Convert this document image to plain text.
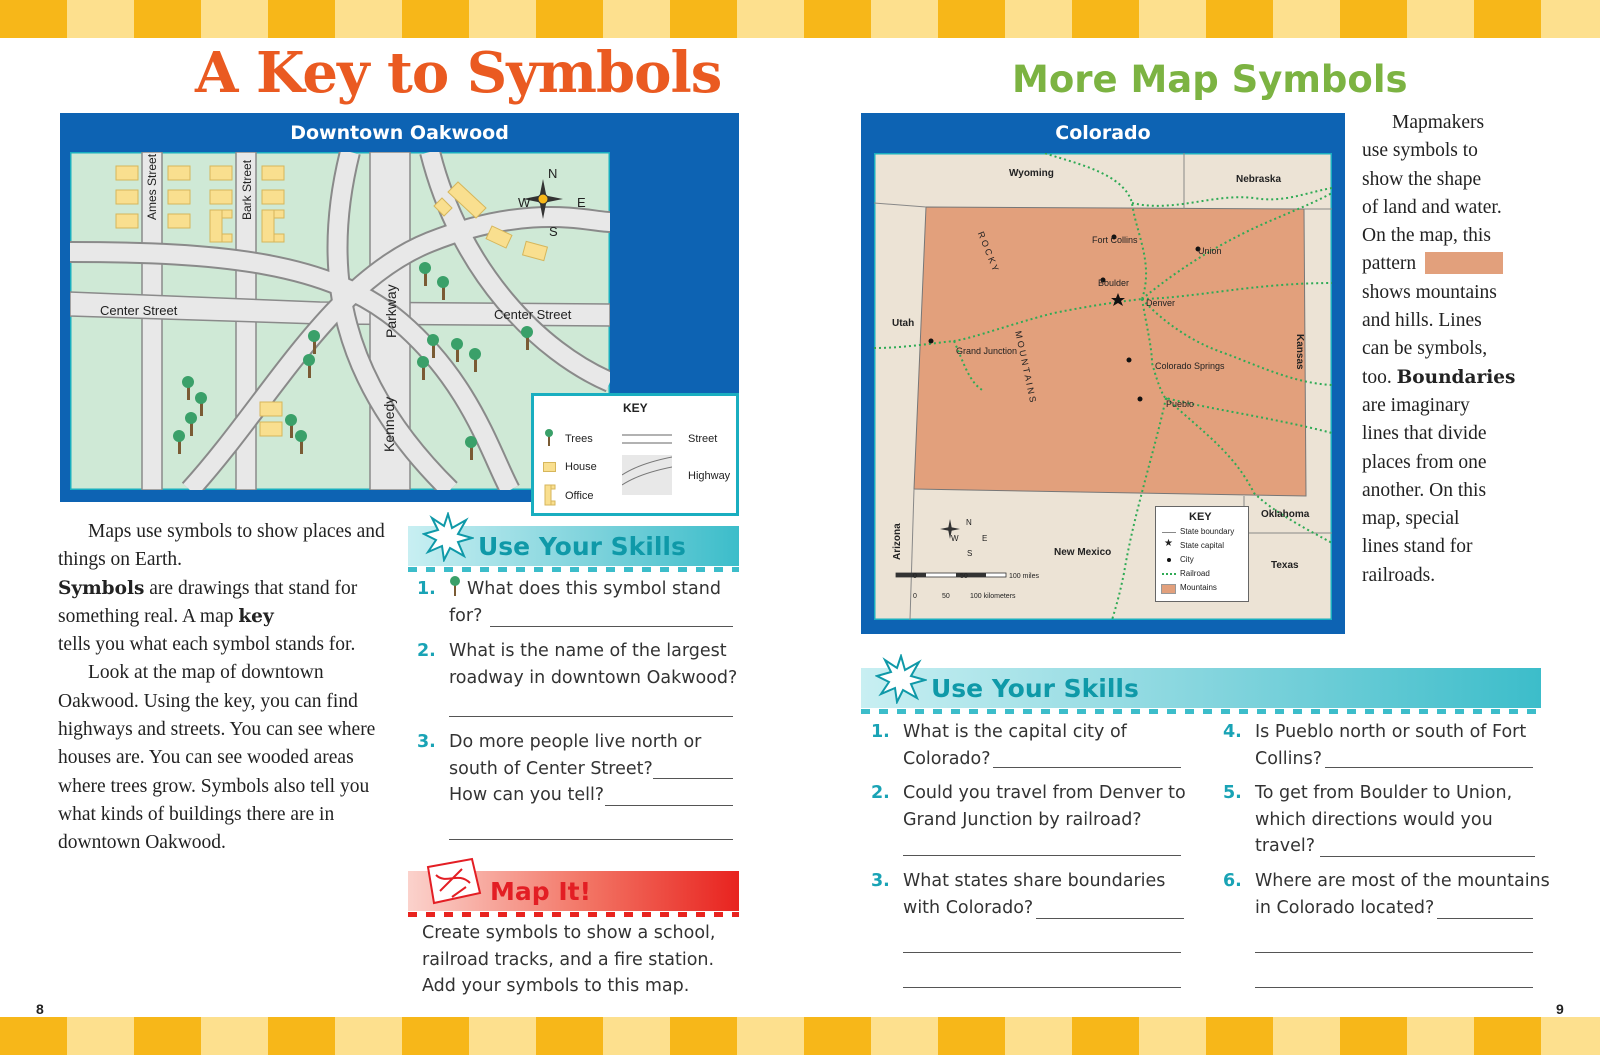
A Key to Symbols
Downtown Oakwood
Ames Street	Bark Street
Center Street	Center Street
Parkway
Kennedy
N
S
W	E
KEY
Trees
House
Office
Street
Highway

Maps use symbols to show places and things on Earth.
Symbols are drawings that stand for something real. A map key
tells you what each symbol stands for.

Look at the map of downtown Oakwood. Using the key, you can find highways and streets. You can see where houses are. You can see wooded areas where trees grow. Symbols also tell you what kinds of buildings there are in downtown Oakwood.

Use Your Skills
1. What does this symbol stand
for?
2. What is the name of the largest
roadway in downtown Oakwood?
3. Do more people live north or
south of Center Street?
How can you tell?
Map It!
Create symbols to show a school,
railroad tracks, and a fire station.
Add your symbols to this map.
8
More Map Symbols
Colorado
Wyoming
Nebraska
Utah
Kansas
Arizona	New Mexico
Oklahoma
Texas
Fort Collins
Union
Boulder
Denver
Grand Junction
Colorado Springs
Pueblo
R O C K Y
M O U N T A I N S
N
S
W	E
0	50	100 miles
0	50	100 kilometers
KEY
State boundary
★ State capital
City
Railroad
Mountains
Mapmakers
use symbols to
show the shape
of land and water.
On the map, this
pattern
shows mountains
and hills. Lines
can be symbols,
too. Boundaries
are imaginary
lines that divide
places from one
another. On this
map, special
lines stand for
railroads.
Use Your Skills
1. What is the capital city of
Colorado?
2. Could you travel from Denver to
Grand Junction by railroad?
3. What states share boundaries
with Colorado?
4. Is Pueblo north or south of Fort
Collins?
5. To get from Boulder to Union,
which directions would you
travel?
6. Where are most of the mountains
in Colorado located?
9
